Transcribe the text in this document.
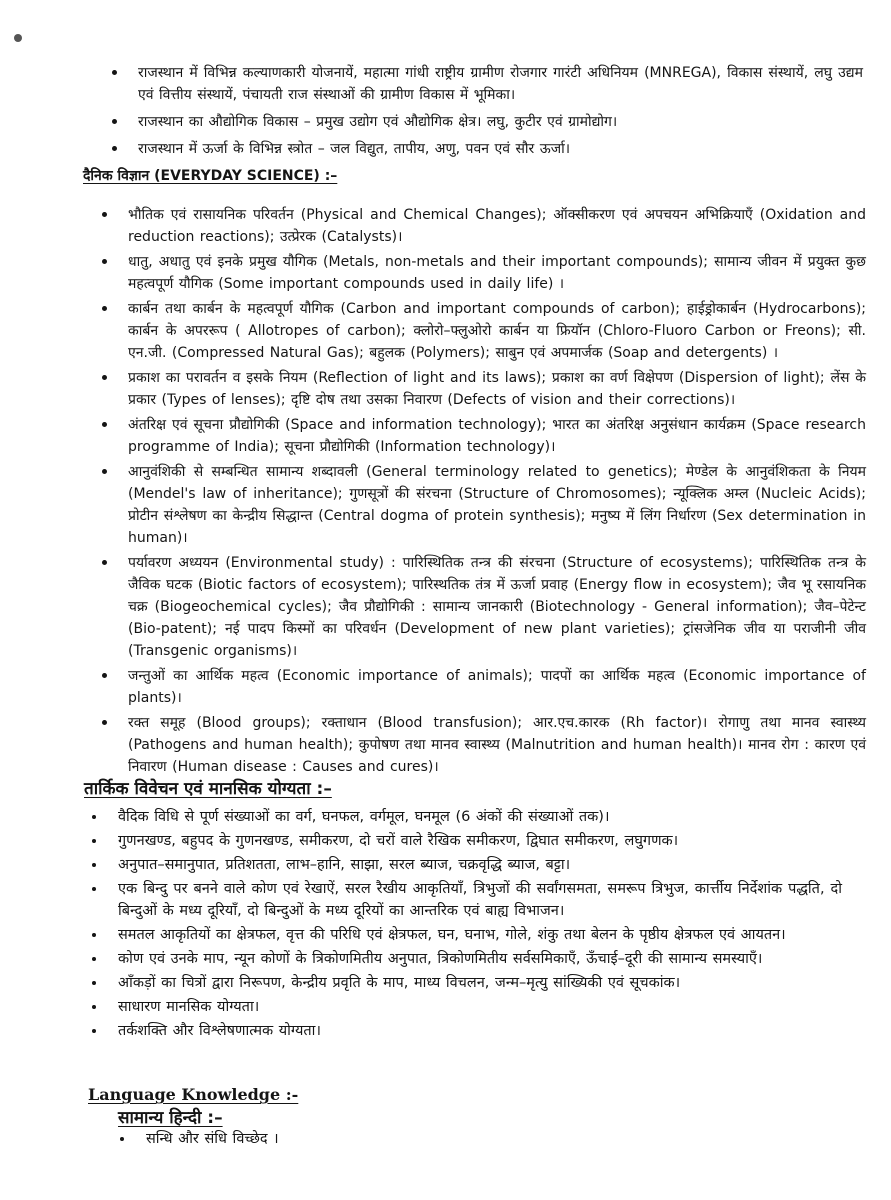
राजस्थान में विभिन्न कल्याणकारी योजनायें, महात्मा गांधी राष्ट्रीय ग्रामीण रोजगार गारंटी अधिनियम (MNREGA), विकास संस्थायें, लघु उद्यम एवं वित्तीय संस्थायें, पंचायती राज संस्थाओं की ग्रामीण विकास में भूमिका।
राजस्थान का औद्योगिक विकास – प्रमुख उद्योग एवं औद्योगिक क्षेत्र। लघु, कुटीर एवं ग्रामोद्योग।
राजस्थान में ऊर्जा के विभिन्न स्त्रोत – जल विद्युत, तापीय, अणु, पवन एवं सौर ऊर्जा।
दैनिक विज्ञान (EVERYDAY SCIENCE) :–
भौतिक एवं रासायनिक परिवर्तन (Physical and Chemical Changes); ऑक्सीकरण एवं अपचयन अभिक्रियाएँ (Oxidation and reduction reactions); उत्प्रेरक (Catalysts)।
धातु, अधातु एवं इनके प्रमुख यौगिक (Metals, non-metals and their important compounds); सामान्य जीवन में प्रयुक्त कुछ महत्वपूर्ण यौगिक (Some important compounds used in daily life) ।
कार्बन तथा कार्बन के महत्वपूर्ण यौगिक (Carbon and important compounds of carbon); हाईड्रोकार्बन (Hydrocarbons); कार्बन के अपररूप ( Allotropes of carbon); क्लोरो–फ्लुओरो कार्बन या फ्रियॉन (Chloro-Fluoro Carbon or Freons); सी. एन.जी. (Compressed Natural Gas); बहुलक (Polymers); साबुन एवं अपमार्जक (Soap and detergents) ।
प्रकाश का परावर्तन व इसके नियम (Reflection of light and its laws); प्रकाश का वर्ण विक्षेपण (Dispersion of light); लेंस के प्रकार (Types of lenses); दृष्टि दोष तथा उसका निवारण (Defects of vision and their corrections)।
अंतरिक्ष एवं सूचना प्रौद्योगिकी (Space and information technology); भारत का अंतरिक्ष अनुसंधान कार्यक्रम (Space research programme of India); सूचना प्रौद्योगिकी (Information technology)।
आनुवंशिकी से सम्बन्धित सामान्य शब्दावली (General terminology related to genetics); मेण्डेल के आनुवंशिकता के नियम (Mendel's law of inheritance); गुणसूत्रों की संरचना (Structure of Chromosomes); न्यूक्लिक अम्ल (Nucleic Acids); प्रोटीन संश्लेषण का केन्द्रीय सिद्धान्त (Central dogma of protein synthesis); मनुष्य में लिंग निर्धारण (Sex determination in human)।
पर्यावरण अध्ययन (Environmental study) : पारिस्थितिक तन्त्र की संरचना (Structure of ecosystems); पारिस्थितिक तन्त्र के जैविक घटक (Biotic factors of ecosystem); पारिस्थतिक तंत्र में ऊर्जा प्रवाह (Energy flow in ecosystem); जैव भू रसायनिक चक्र (Biogeochemical cycles); जैव प्रौद्योगिकी : सामान्य जानकारी (Biotechnology - General information); जैव–पेटेन्ट (Bio-patent); नई पादप किस्मों का परिवर्धन (Development of new plant varieties); ट्रांसजेनिक जीव या पराजीनी जीव (Transgenic organisms)।
जन्तुओं का आर्थिक महत्व (Economic importance of animals); पादपों का आर्थिक महत्व (Economic importance of plants)।
रक्त समूह (Blood groups); रक्ताधान (Blood transfusion); आर.एच.कारक (Rh factor)। रोगाणु तथा मानव स्वास्थ्य (Pathogens and human health); कुपोषण तथा मानव स्वास्थ्य (Malnutrition and human health)। मानव रोग : कारण एवं निवारण (Human disease : Causes and cures)।
तार्किक विवेचन एवं मानसिक योग्यता :–
वैदिक विधि से पूर्ण संख्याओं का वर्ग, घनफल, वर्गमूल, घनमूल (6 अंकों की संख्याओं तक)।
गुणनखण्ड, बहुपद के गुणनखण्ड, समीकरण, दो चरों वाले रैखिक समीकरण, द्विघात समीकरण, लघुगणक।
अनुपात–समानुपात, प्रतिशतता, लाभ–हानि, साझा, सरल ब्याज, चक्रवृद्धि ब्याज, बट्टा।
एक बिन्दु पर बनने वाले कोण एवं रेखाऐं, सरल रैखीय आकृतियाँ, त्रिभुजों की सर्वांगसमता, समरूप त्रिभुज, कार्त्तीय निर्देशांक पद्धति, दो बिन्दुओं के मध्य दूरियाँ, दो बिन्दुओं के मध्य दूरियों का आन्तरिक एवं बाह्य विभाजन।
समतल आकृतियों का क्षेत्रफल, वृत्त की परिधि एवं क्षेत्रफल, घन, घनाभ, गोले, शंकु तथा बेलन के पृष्ठीय क्षेत्रफल एवं आयतन।
कोण एवं उनके माप, न्यून कोणों के त्रिकोणमितीय अनुपात, त्रिकोणमितीय सर्वसमिकाएँ, ऊँचाई–दूरी की सामान्य समस्याएँ।
आँकड़ों का चित्रों द्वारा निरूपण, केन्द्रीय प्रवृति के माप, माध्य विचलन, जन्म–मृत्यु सांख्यिकी एवं सूचकांक।
साधारण मानसिक योग्यता।
तर्कशक्ति और विश्लेषणात्मक योग्यता।
Language Knowledge :-
सामान्य हिन्दी :–
सन्धि और संधि विच्छेद ।
